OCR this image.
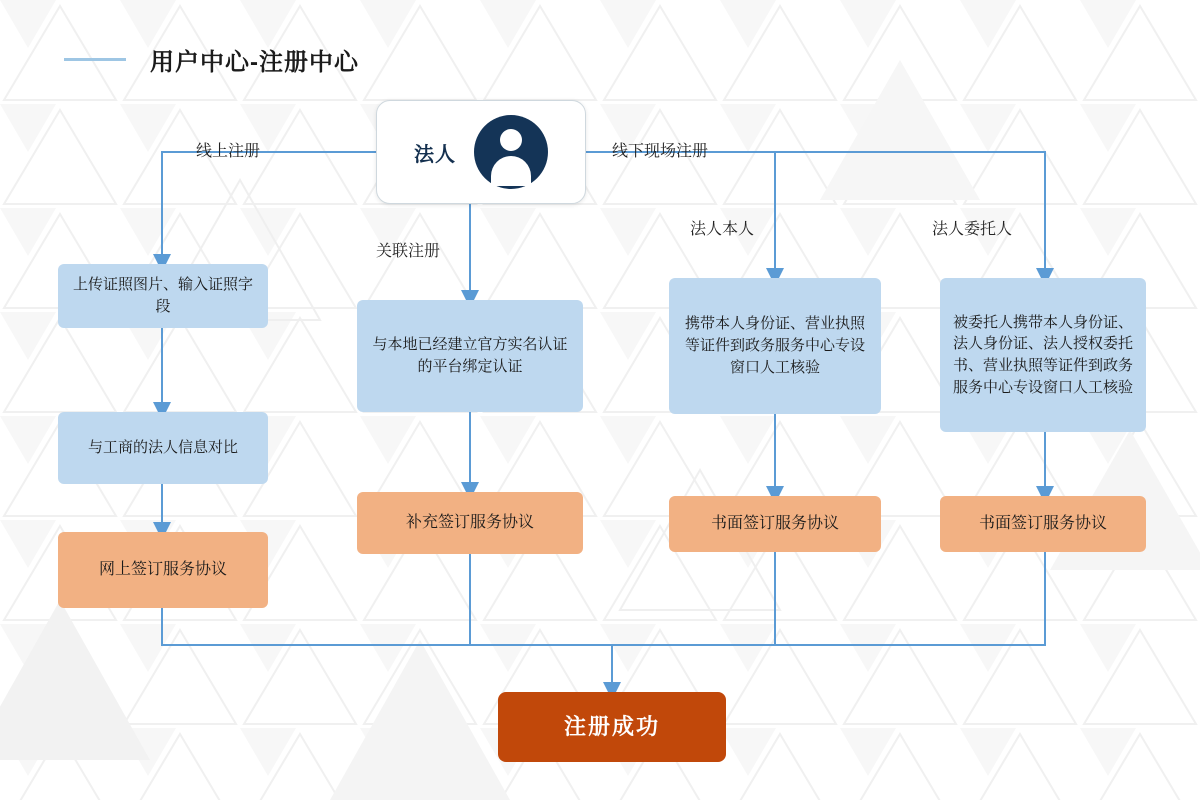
用户中心-注册中心
法人
线上注册	线下现场注册
关联注册
法人本人	法人委托人
上传证照图片、输入证照字段
与工商的法人信息对比
网上签订服务协议
与本地已经建立官方实名认证的平台绑定认证
补充签订服务协议
携带本人身份证、营业执照等证件到政务服务中心专设窗口人工核验
书面签订服务协议
被委托人携带本人身份证、法人身份证、法人授权委托书、营业执照等证件到政务服务中心专设窗口人工核验
书面签订服务协议
注册成功
